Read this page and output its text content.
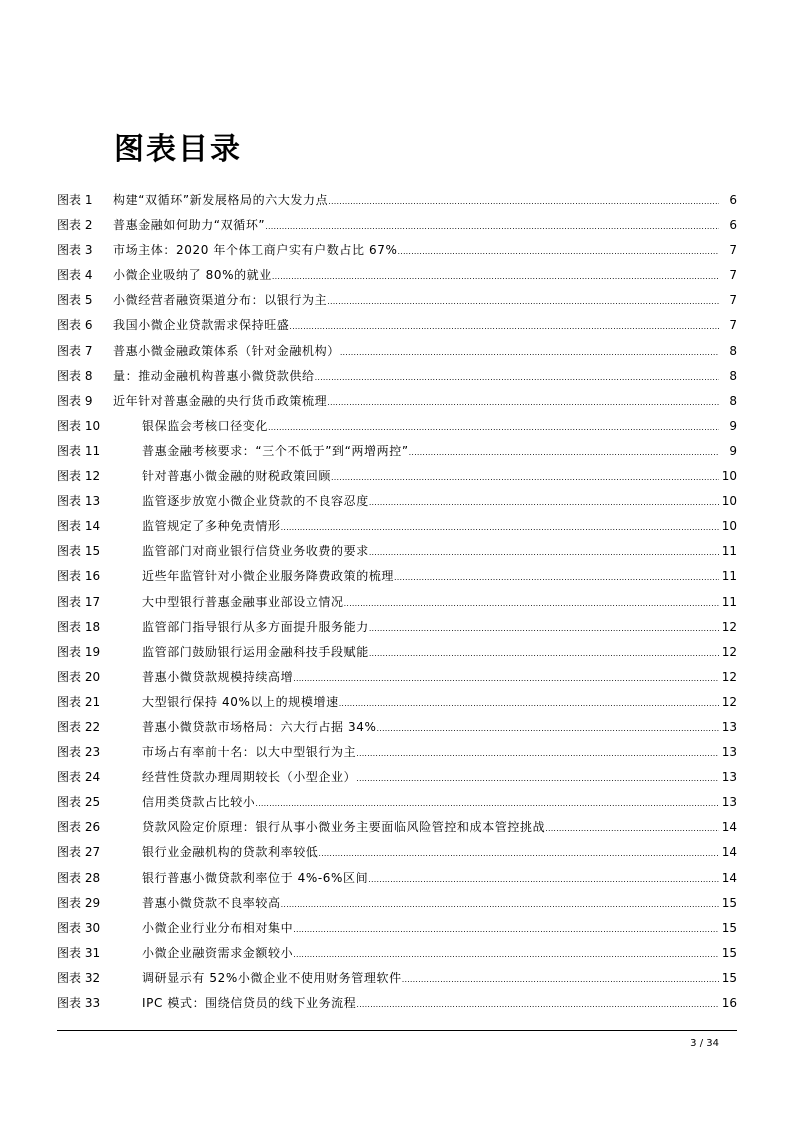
图表目录
图表 1 构建“双循环”新发展格局的六大发力点 .....	6
图表 2 普惠金融如何助力“双循环” .....	6
图表 3 市场主体：2020 年个体工商户实有户数占比 67% .....	7
图表 4 小微企业吸纳了 80%的就业 .....	7
图表 5 小微经营者融资渠道分布：以银行为主 .....	7
图表 6 我国小微企业贷款需求保持旺盛 .....	7
图表 7 普惠小微金融政策体系（针对金融机构） .....	8
图表 8 量：推动金融机构普惠小微贷款供给 .....	8
图表 9 近年针对普惠金融的央行货币政策梳理 .....	8
图表 10	银保监会考核口径变化 .....	9
图表 11	普惠金融考核要求：“三个不低于”到“两增两控” .....	9
图表 12	针对普惠小微金融的财税政策回顾 .....	10
图表 13	监管逐步放宽小微企业贷款的不良容忍度 .....	10
图表 14	监管规定了多种免责情形 .....	10
图表 15	监管部门对商业银行信贷业务收费的要求 .....	11
图表 16	近些年监管针对小微企业服务降费政策的梳理 .....	11
图表 17	大中型银行普惠金融事业部设立情况 .....	11
图表 18	监管部门指导银行从多方面提升服务能力 .....	12
图表 19	监管部门鼓励银行运用金融科技手段赋能 .....	12
图表 20	普惠小微贷款规模持续高增 .....	12
图表 21	大型银行保持 40%以上的规模增速 .....	12
图表 22	普惠小微贷款市场格局：六大行占据 34% .....	13
图表 23	市场占有率前十名：以大中型银行为主 .....	13
图表 24	经营性贷款办理周期较长（小型企业） .....	13
图表 25	信用类贷款占比较小 .....	13
图表 26	贷款风险定价原理：银行从事小微业务主要面临风险管控和成本管控挑战 .....	14
图表 27	银行业金融机构的贷款利率较低 .....	14
图表 28	银行普惠小微贷款利率位于 4%-6%区间 .....	14
图表 29	普惠小微贷款不良率较高 .....	15
图表 30	小微企业行业分布相对集中 .....	15
图表 31	小微企业融资需求金额较小 .....	15
图表 32	调研显示有 52%小微企业不使用财务管理软件 .....	15
图表 33	IPC 模式：围绕信贷员的线下业务流程 .....	16
3 / 34
